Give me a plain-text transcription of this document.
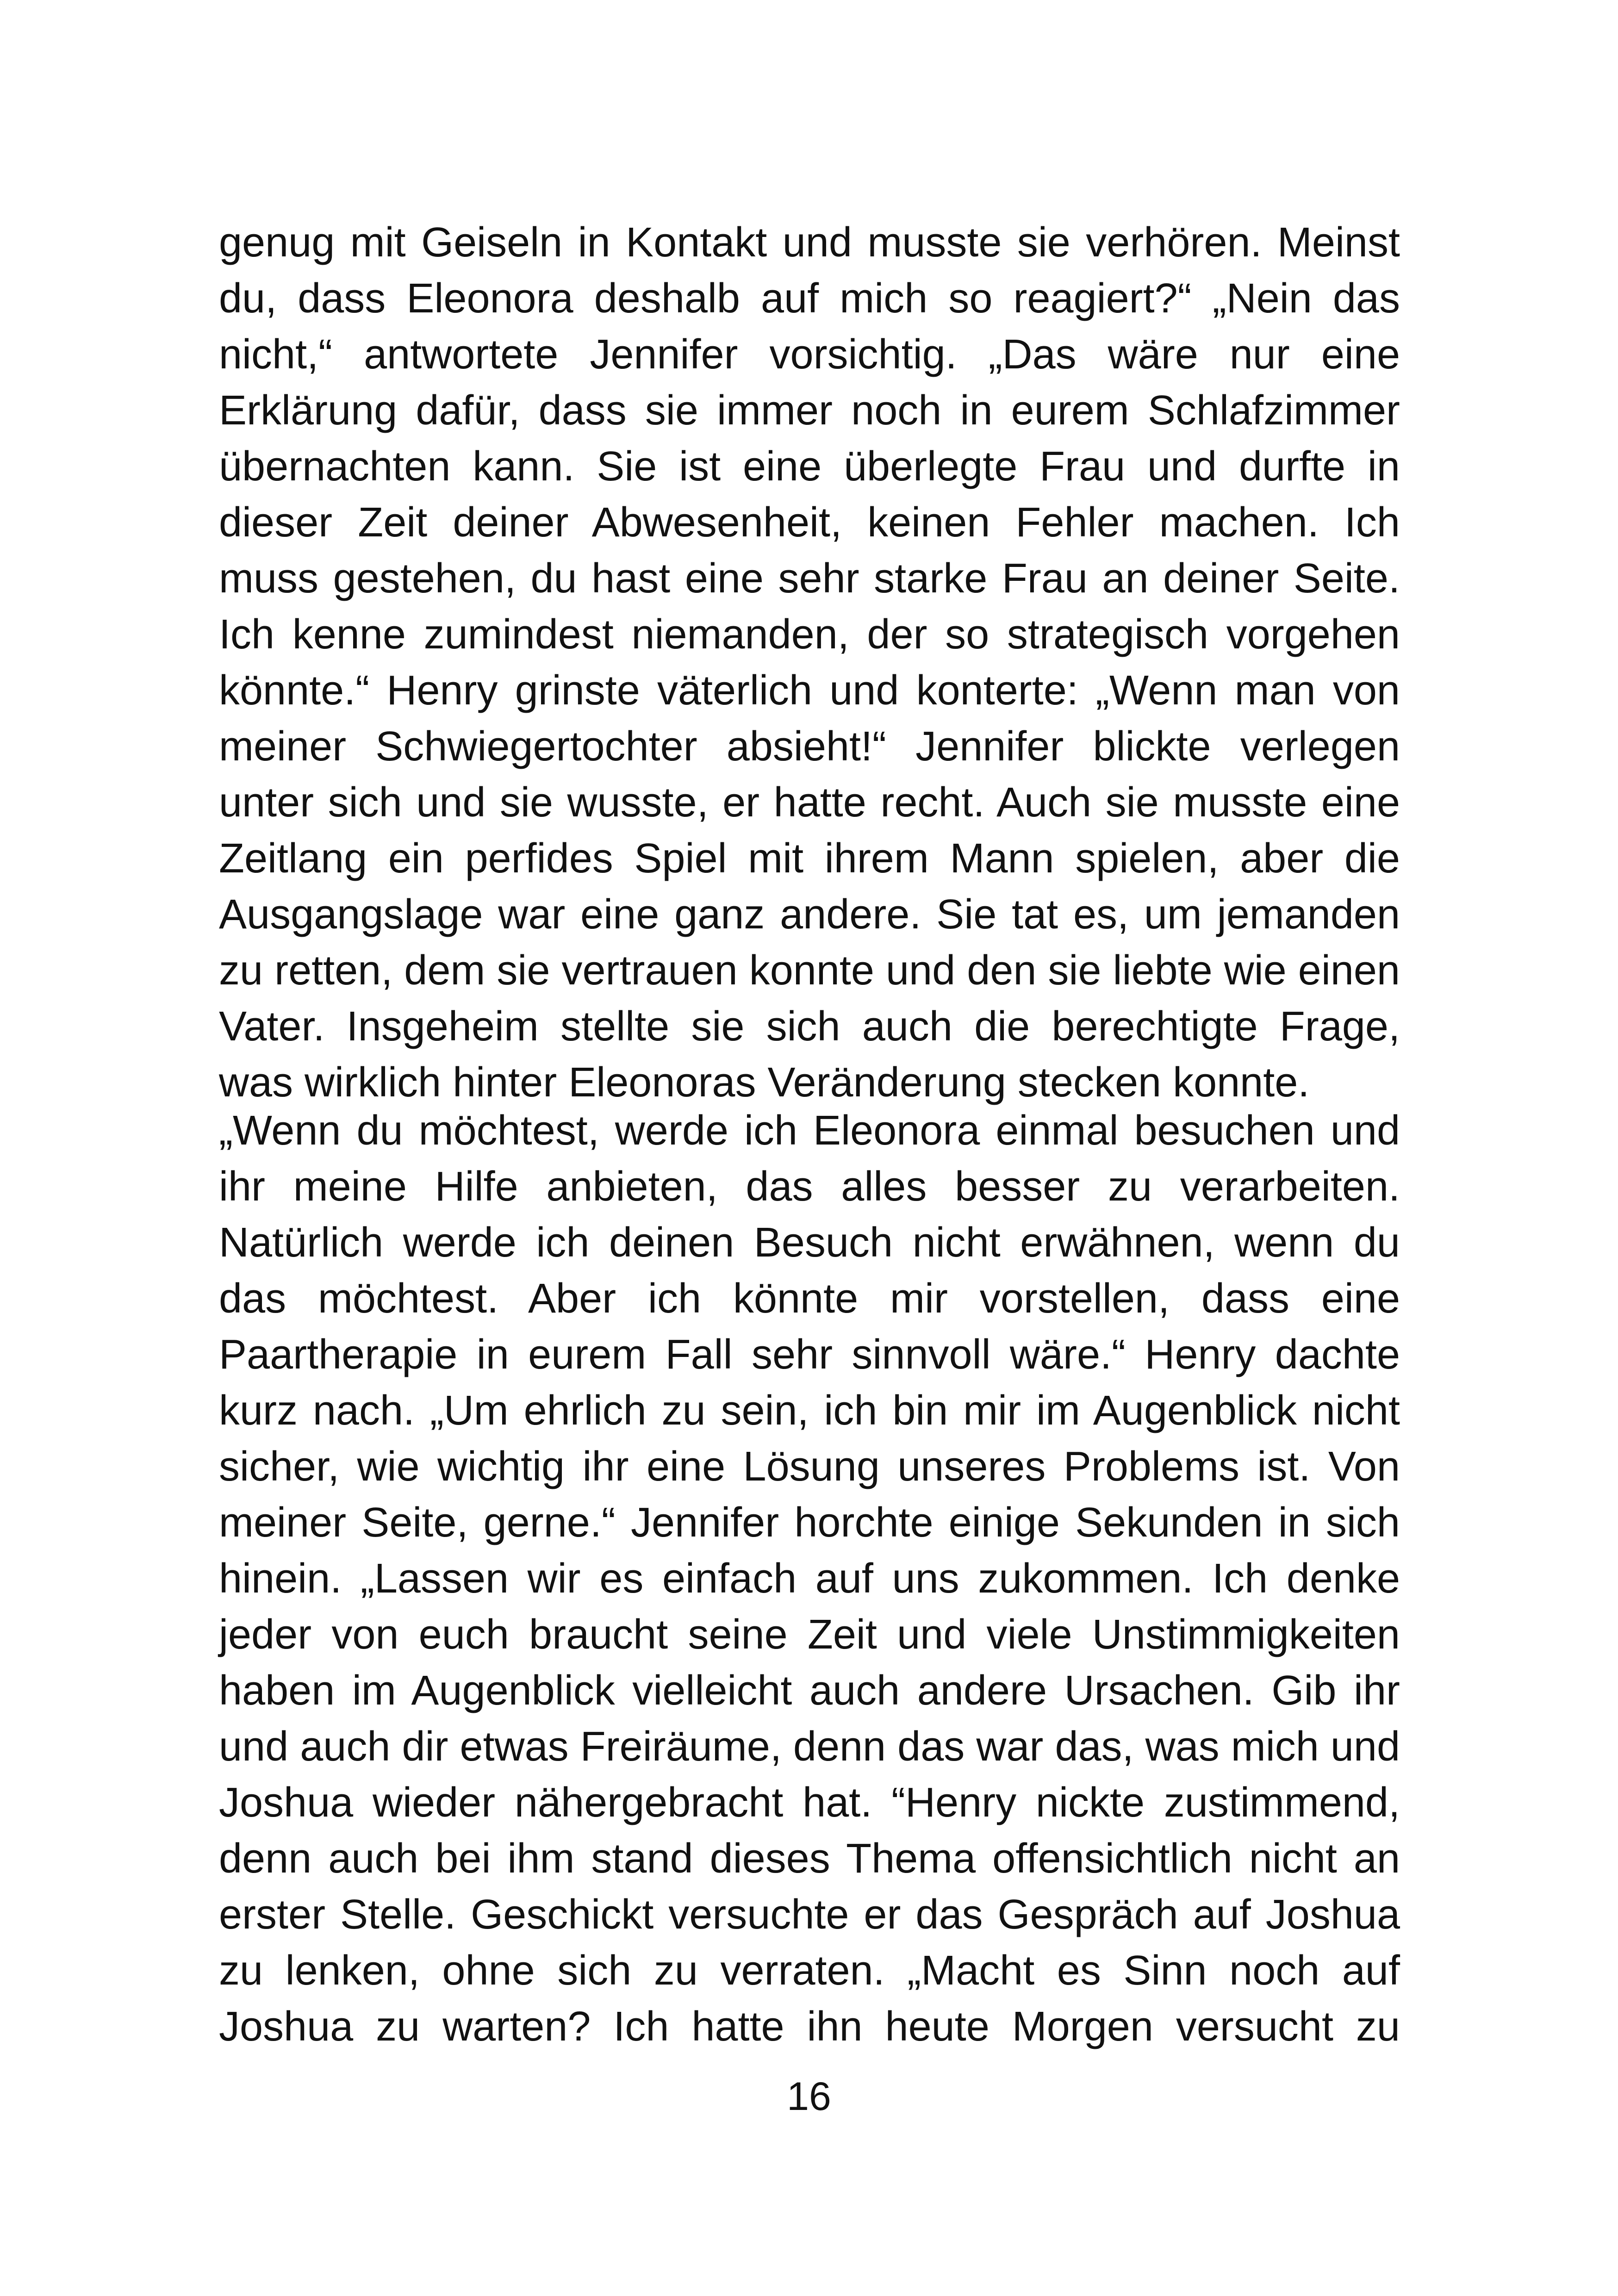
genug mit Geiseln in Kontakt und musste sie verhören. Meinst
du, dass Eleonora deshalb auf mich so reagiert?“ „Nein das
nicht,“ antwortete Jennifer vorsichtig. „Das wäre nur eine
Erklärung dafür, dass sie immer noch in eurem Schlafzimmer
übernachten kann. Sie ist eine überlegte Frau und durfte in
dieser Zeit deiner Abwesenheit, keinen Fehler machen. Ich
muss gestehen, du hast eine sehr starke Frau an deiner Seite.
Ich kenne zumindest niemanden, der so strategisch vorgehen
könnte.“ Henry grinste väterlich und konterte: „Wenn man von
meiner Schwiegertochter absieht!“ Jennifer blickte verlegen
unter sich und sie wusste, er hatte recht. Auch sie musste eine
Zeitlang ein perfides Spiel mit ihrem Mann spielen, aber die
Ausgangslage war eine ganz andere. Sie tat es, um jemanden
zu retten, dem sie vertrauen konnte und den sie liebte wie einen
Vater. Insgeheim stellte sie sich auch die berechtigte Frage,
was wirklich hinter Eleonoras Veränderung stecken konnte.

„Wenn du möchtest, werde ich Eleonora einmal besuchen und
ihr meine Hilfe anbieten, das alles besser zu verarbeiten.
Natürlich werde ich deinen Besuch nicht erwähnen, wenn du
das möchtest. Aber ich könnte mir vorstellen, dass eine
Paartherapie in eurem Fall sehr sinnvoll wäre.“ Henry dachte
kurz nach. „Um ehrlich zu sein, ich bin mir im Augenblick nicht
sicher, wie wichtig ihr eine Lösung unseres Problems ist. Von
meiner Seite, gerne.“ Jennifer horchte einige Sekunden in sich
hinein. „Lassen wir es einfach auf uns zukommen. Ich denke
jeder von euch braucht seine Zeit und viele Unstimmigkeiten
haben im Augenblick vielleicht auch andere Ursachen. Gib ihr
und auch dir etwas Freiräume, denn das war das, was mich und
Joshua wieder nähergebracht hat. “Henry nickte zustimmend,
denn auch bei ihm stand dieses Thema offensichtlich nicht an
erster Stelle. Geschickt versuchte er das Gespräch auf Joshua
zu lenken, ohne sich zu verraten. „Macht es Sinn noch auf
Joshua zu warten? Ich hatte ihn heute Morgen versucht zu

16
